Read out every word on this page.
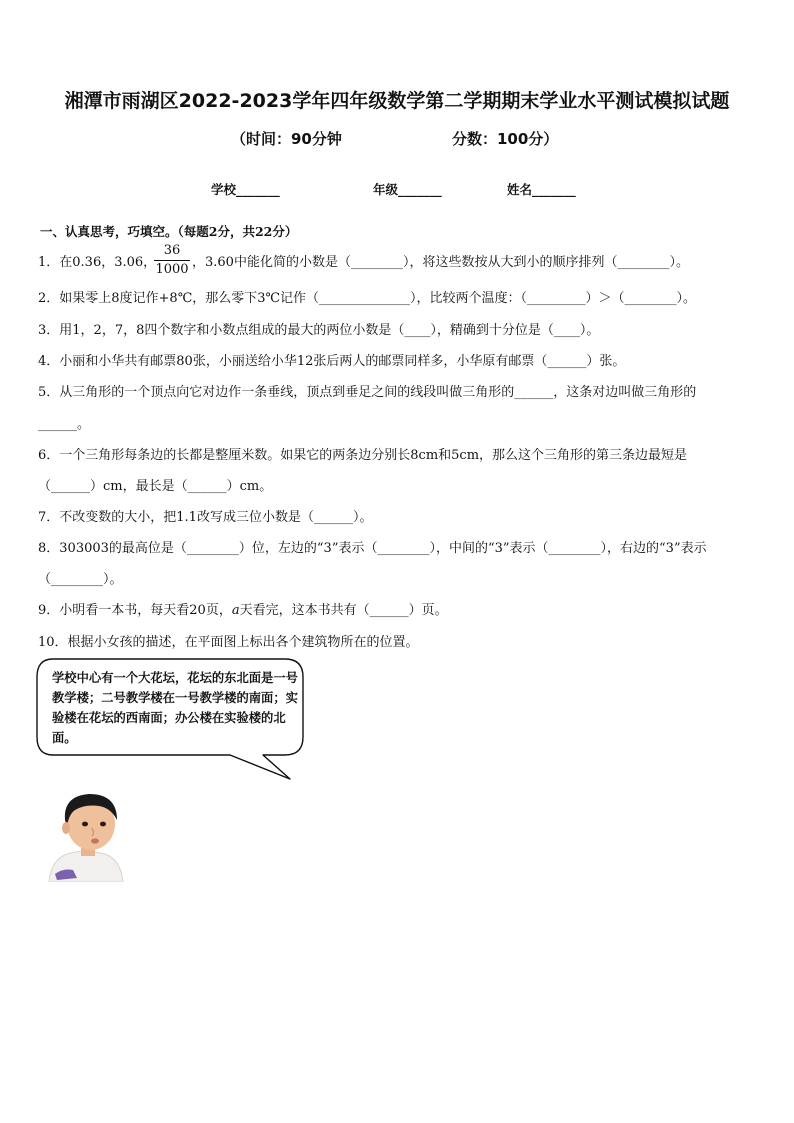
湘潭市雨湖区2022-2023学年四年级数学第二学期期末学业水平测试模拟试题
（时间：90分钟	分数：100分）
学校_______	年级_______	姓名_______
一、认真思考，巧填空。（每题2分，共22分）
1．在0.36，3.06，
36
1000 ，3.60中能化简的小数是（________），将这些数按从大到小的顺序排列（________）。
2．如果零上8度记作+8℃，那么零下3℃记作（______________），比较两个温度：（_________）＞（________）。
3．用1，2，7，8四个数字和小数点组成的最大的两位小数是（____），精确到十分位是（____）。
4．小丽和小华共有邮票80张，小丽送给小华12张后两人的邮票同样多，小华原有邮票（______）张。
5．从三角形的一个顶点向它对边作一条垂线，顶点到垂足之间的线段叫做三角形的______，这条对边叫做三角形的
______。
6．一个三角形每条边的长都是整厘米数。如果它的两条边分别长8cm和5cm，那么这个三角形的第三条边最短是
（______）cm，最长是（______）cm。
7．不改变数的大小，把1.1改写成三位小数是（______）。
8．303003的最高位是（________）位，左边的“3”表示（________），中间的“3”表示（________），右边的“3”表示
（________）。
9．小明看一本书，每天看20页，a天看完，这本书共有（______）页。
10．根据小女孩的描述，在平面图上标出各个建筑物所在的位置。
学校中心有一个大花坛，花坛的东北面是一号教学楼；二号教学楼在一号教学楼的南面；实验楼在花坛的西南面；办公楼在实验楼的北面。
